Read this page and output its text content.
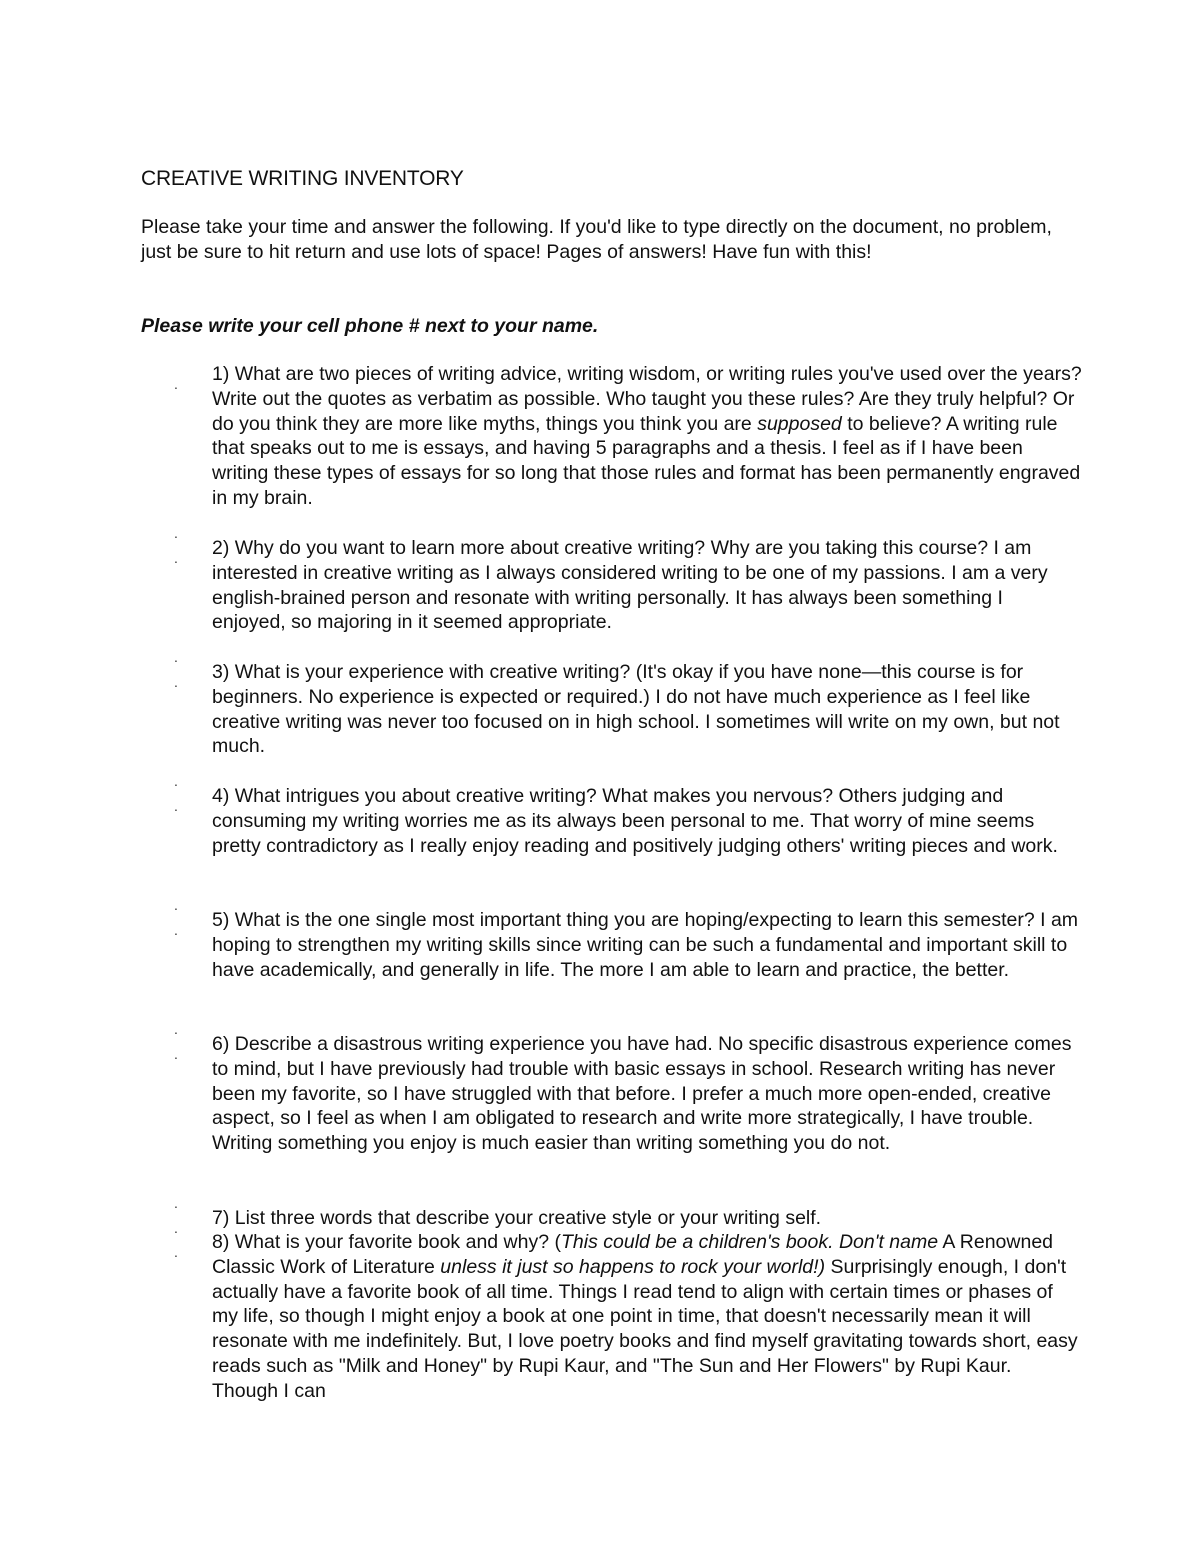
CREATIVE WRITING INVENTORY
Please take your time and answer the following. If you'd like to type directly on the document, no problem, just be sure to hit return and use lots of space! Pages of answers! Have fun with this!
Please write your cell phone # next to your name.
.
.
.
.
.
.
.
.
.
.
.
.
.
.
1) What are two pieces of writing advice, writing wisdom, or writing rules you've used over the years? Write out the quotes as verbatim as possible. Who taught you these rules? Are they truly helpful? Or do you think they are more like myths, things you think you are supposed to believe? A writing rule that speaks out to me is essays, and having 5 paragraphs and a thesis. I feel as if I have been writing these types of essays for so long that those rules and format has been permanently engraved in my brain.
2) Why do you want to learn more about creative writing? Why are you taking this course? I am interested in creative writing as I always considered writing to be one of my passions. I am a very english-brained person and resonate with writing personally. It has always been something I enjoyed, so majoring in it seemed appropriate.
3) What is your experience with creative writing? (It's okay if you have none—this course is for beginners. No experience is expected or required.) I do not have much experience as I feel like creative writing was never too focused on in high school. I sometimes will write on my own, but not much.
4) What intrigues you about creative writing? What makes you nervous? Others judging and consuming my writing worries me as its always been personal to me. That worry of mine seems pretty contradictory as I really enjoy reading and positively judging others' writing pieces and work.
5) What is the one single most important thing you are hoping/expecting to learn this semester? I am hoping to strengthen my writing skills since writing can be such a fundamental and important skill to have academically, and generally in life. The more I am able to learn and practice, the better.
6) Describe a disastrous writing experience you have had. No specific disastrous experience comes to mind, but I have previously had trouble with basic essays in school. Research writing has never been my favorite, so I have struggled with that before. I prefer a much more open-ended, creative aspect, so I feel as when I am obligated to research and write more strategically, I have trouble. Writing something you enjoy is much easier than writing something you do not.
7) List three words that describe your creative style or your writing self.
8) What is your favorite book and why? (This could be a children's book. Don't name A Renowned Classic Work of Literature unless it just so happens to rock your world!) Surprisingly enough, I don't actually have a favorite book of all time. Things I read tend to align with certain times or phases of my life, so though I might enjoy a book at one point in time, that doesn't necessarily mean it will resonate with me indefinitely. But, I love poetry books and find myself gravitating towards short, easy reads such as "Milk and Honey" by Rupi Kaur, and "The Sun and Her Flowers" by Rupi Kaur. Though I can
